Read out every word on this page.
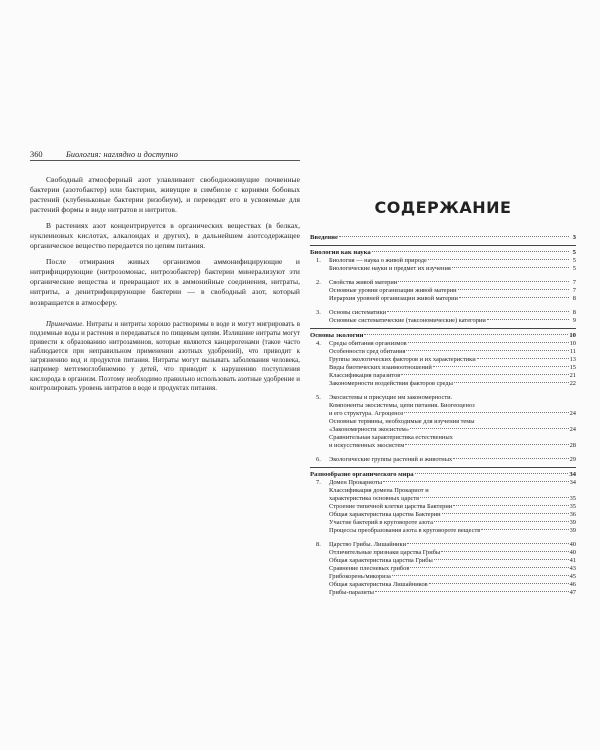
360	Биология: наглядно и доступно

Свободный атмосферный азот улавливают свободноживущие почвенные бактерии (азотобактер) или бактерии, живущие в симбиозе с корнями бобовых растений (клубеньковые бактерии ризобиум), и переводят его в усвояемые для растений формы в виде нитратов и нитритов.

В растениях азот концентрируется в органических веществах (в белках, нуклеиновых кислотах, алкалоидах и других), в дальнейшем азотсодержащее органическое вещество передается по цепям питания.

После отмирания живых организмов аммонифицирующие и нитрифицирующие (нитрозомонас, нитрозобактер) бактерии минерализуют эти органические вещества и превращают их в аммонийные соединения, нитраты, нитриты, а денитрифицирующие бактерии — в свободный азот, который возвращается в атмосферу.

Примечание. Нитраты и нитриты хорошо растворимы в воде и могут мигрировать в подземные воды и растения и передаваться по пищевым цепям. Излишние нитраты могут привести к образованию нитрозаминов, которые являются канцерогенами (такое часто наблюдается при неправильном применении азотных удобрений), что приводит к загрязнению вод и продуктов питания. Нитраты могут вызывать заболевания человека, например метгемоглобинемию у детей, что приводит к нарушению поступления кислорода в организм. Поэтому необходимо правильно использовать азотные удобрение и контролировать уровень нитратов в воде и продуктах питания.

СОДЕРЖАНИЕ
Введение	3
Биология как наука	5
1.	Биология — наука о живой природе	5
Биологические науки и предмет их изучения	5
2.	Свойства живой материи	7
Основные уровни организации живой материи	7
Иерархия уровней организации живой материи	8
3.	Основы систематики	8
Основные систематические (таксономические) категории	9
Основы экологии	10
4.	Среды обитания организмов	10
Особенности сред обитания	11
Группы экологических факторов и их характеристики	13
Виды биотических взаимоотношений	15
Классификация паразитов	21
Закономерности воздействия факторов среды	22
5.	Экосистемы и присущие им закономерности.
Компоненты экосистемы, цепи питания. Биогеоценоз
и его структура. Агроценоз	24
Основные термины, необходимые для изучения темы
«Закономерности экосистем»	24
Сравнительная характеристика естественных
и искусственных экосистем	28
6.	Экологические группы растений и животных	29
Разнообразие органического мира	34
7.	Домен Прокариоты	34
Классификация домена Прокариот и
характеристика основных царств	35
Строение типичной клетки царства Бактерии	35
Общая характеристика царства Бактерии	36
Участие бактерий в круговороте азота	39
Процессы преобразования азота в круговороте веществ	39
8.	Царство Грибы. Лишайники	40
Отличительные признаки царства Грибы	40
Общая характеристика царства Грибы	41
Сравнение плесневых грибов	43
Грибокорень/микориза	45
Общая характеристика Лишайников	46
Грибы-паразиты	47
